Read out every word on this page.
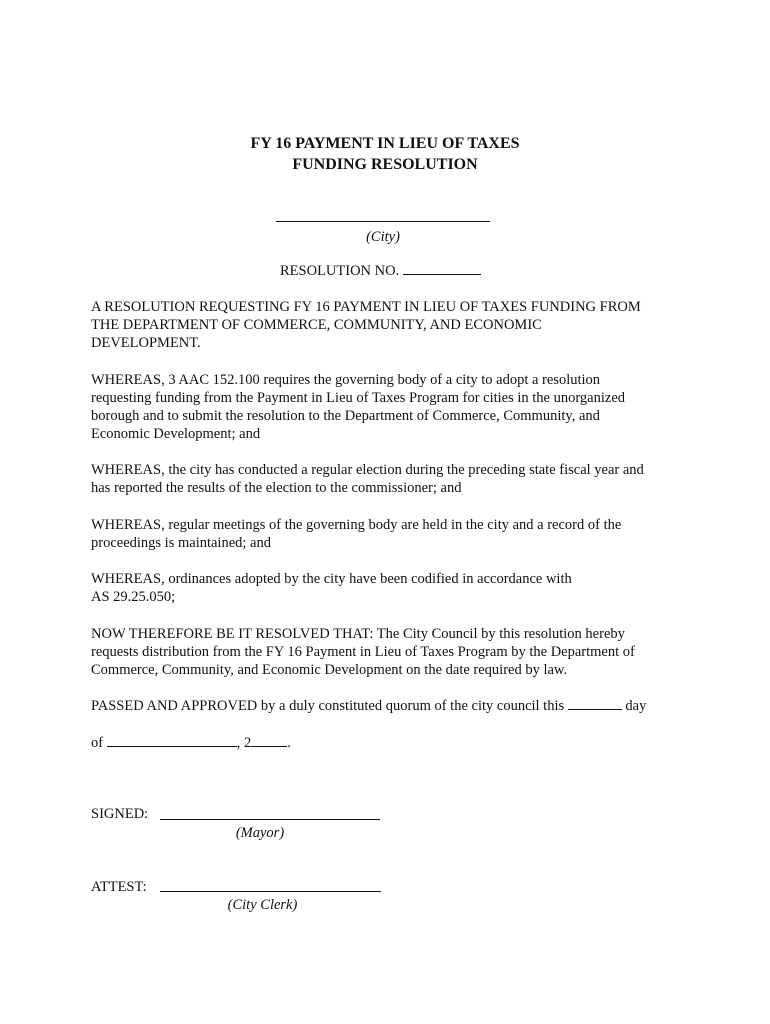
FY 16 PAYMENT IN LIEU OF TAXES
FUNDING RESOLUTION
(City)
RESOLUTION NO.
A RESOLUTION REQUESTING FY 16 PAYMENT IN LIEU OF TAXES FUNDING FROM
THE DEPARTMENT OF COMMERCE, COMMUNITY, AND ECONOMIC
DEVELOPMENT.
WHEREAS, 3 AAC 152.100 requires the governing body of a city to adopt a resolution
requesting funding from the Payment in Lieu of Taxes Program for cities in the unorganized
borough and to submit the resolution to the Department of Commerce, Community, and
Economic Development; and
WHEREAS, the city has conducted a regular election during the preceding state fiscal year and
has reported the results of the election to the commissioner; and
WHEREAS, regular meetings of the governing body are held in the city and a record of the
proceedings is maintained; and
WHEREAS, ordinances adopted by the city have been codified in accordance with
AS 29.25.050;
NOW THEREFORE BE IT RESOLVED THAT: The City Council by this resolution hereby
requests distribution from the FY 16 Payment in Lieu of Taxes Program by the Department of
Commerce, Community, and Economic Development on the date required by law.
PASSED AND APPROVED by a duly constituted quorum of the city council this	day
of	, 2 .
SIGNED:
(Mayor)
ATTEST:
(City Clerk)
